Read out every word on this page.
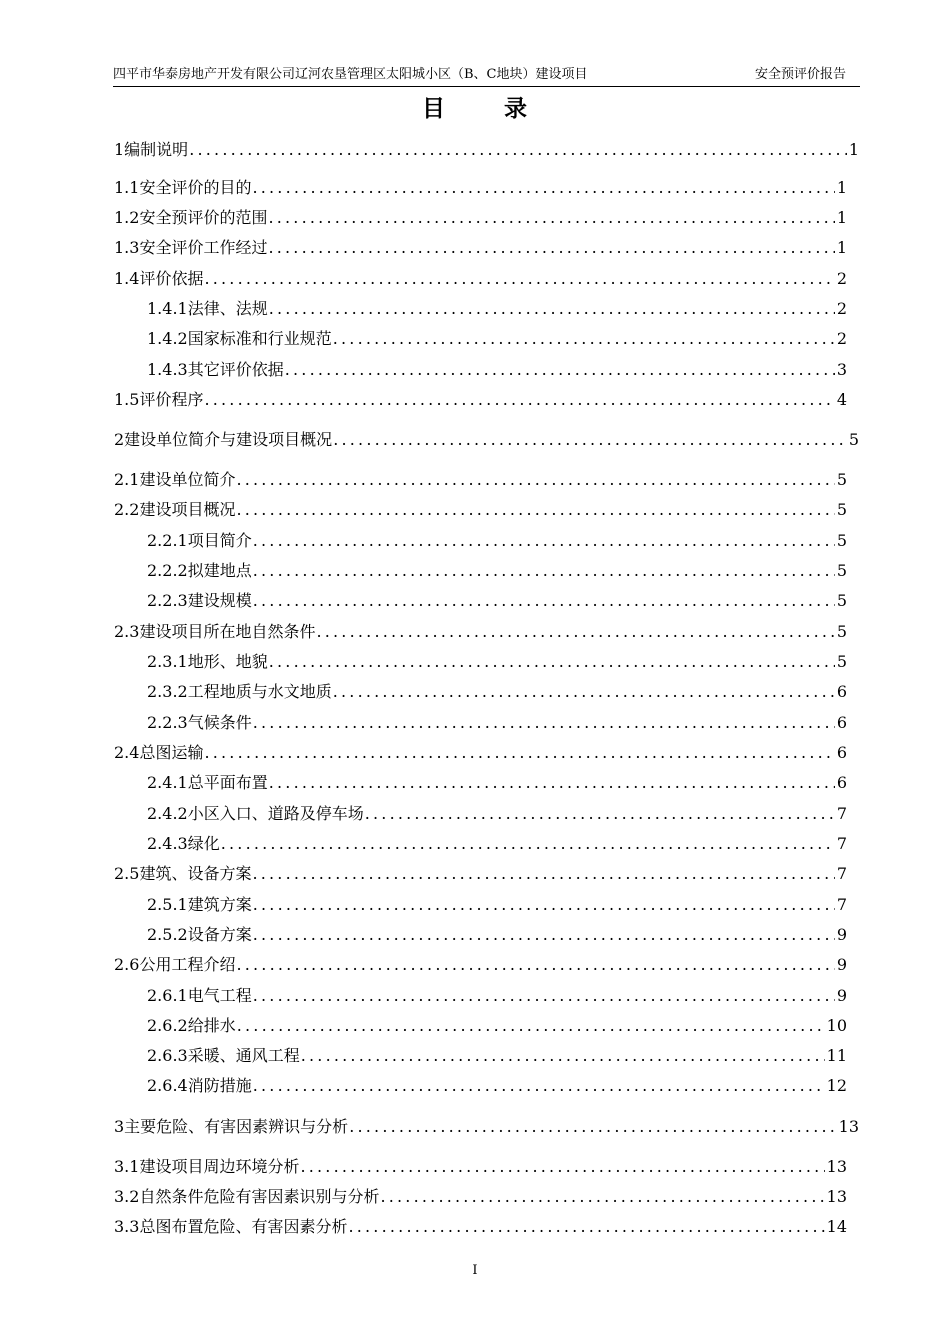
四平市华泰房地产开发有限公司辽河农垦管理区太阳城小区（B、C地块）建设项目	安全预评价报告
目	录
1编制说明 .....	1
1.1安全评价的目的 .....	1
1.2安全预评价的范围 .....	1
1.3安全评价工作经过 .....	1
1.4评价依据 .....	2
1.4.1法律、法规 .....	2
1.4.2国家标准和行业规范 .....	2
1.4.3其它评价依据 .....	3
1.5评价程序 .....	4
2建设单位简介与建设项目概况 .....	5
2.1建设单位简介 .....	5
2.2建设项目概况 .....	5
2.2.1项目简介 .....	5
2.2.2拟建地点 .....	5
2.2.3建设规模 .....	5
2.3建设项目所在地自然条件 .....	5
2.3.1地形、地貌 .....	5
2.3.2工程地质与水文地质 .....	6
2.2.3气候条件 .....	6
2.4总图运输 .....	6
2.4.1总平面布置 .....	6
2.4.2小区入口、道路及停车场 .....	7
2.4.3绿化 .....	7
2.5建筑、设备方案 .....	7
2.5.1建筑方案 .....	7
2.5.2设备方案 .....	9
2.6公用工程介绍 .....	9
2.6.1电气工程 .....	9
2.6.2给排水 .....	10
2.6.3采暖、通风工程 .....	11
2.6.4消防措施 .....	12
3主要危险、有害因素辨识与分析 .....	13
3.1建设项目周边环境分析 .....	13
3.2自然条件危险有害因素识别与分析 .....	13
3.3总图布置危险、有害因素分析 .....	14
I
